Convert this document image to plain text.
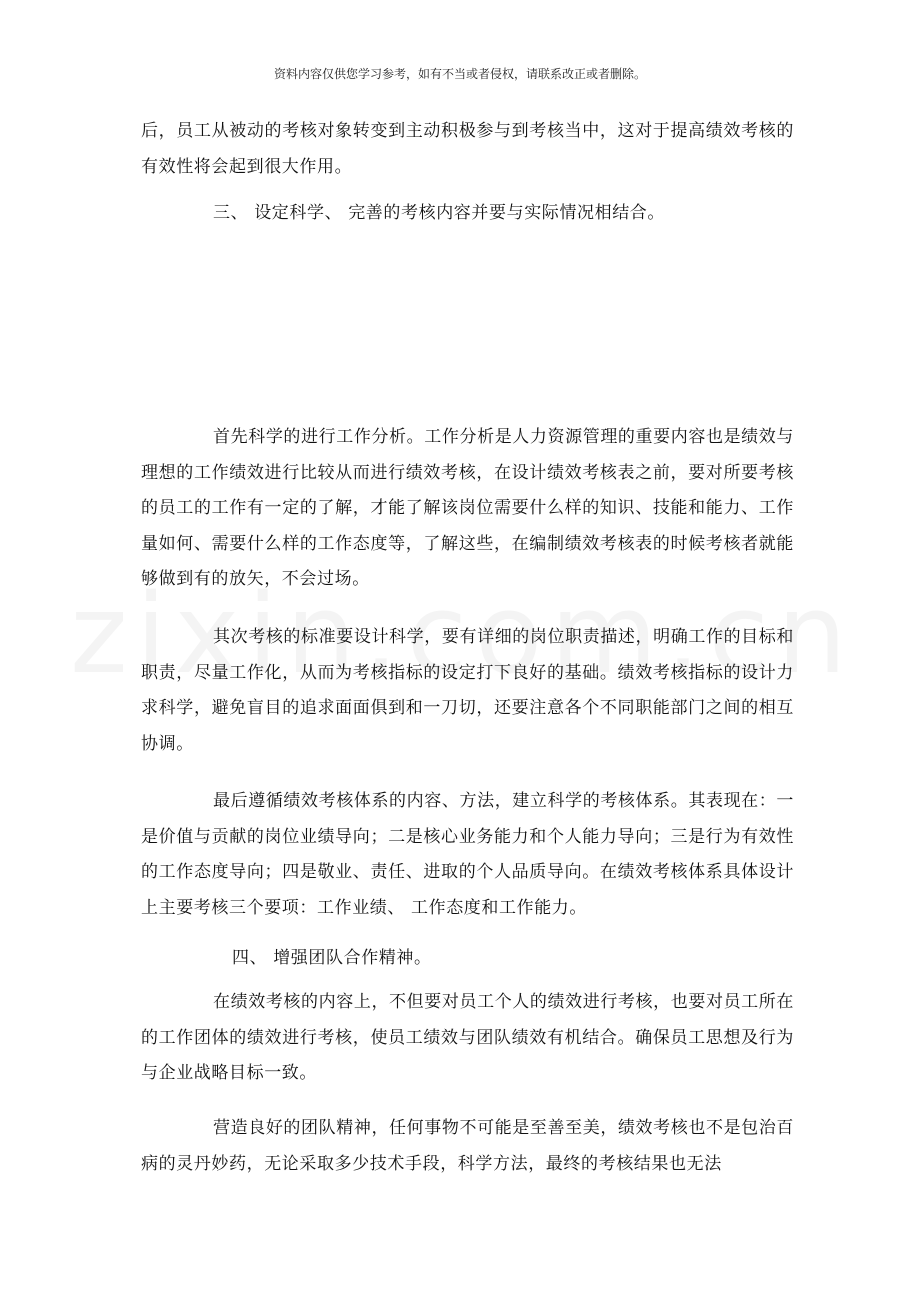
资料内容仅供您学习参考，如有不当或者侵权，请联系改正或者删除。

后，员工从被动的考核对象转变到主动积极参与到考核当中，这对于提高绩效考核的有效性将会起到很大作用。

三、 设定科学、 完善的考核内容并要与实际情况相结合。

首先科学的进行工作分析。工作分析是人力资源管理的重要内容也是绩效与理想的工作绩效进行比较从而进行绩效考核，在设计绩效考核表之前，要对所要考核的员工的工作有一定的了解，才能了解该岗位需要什么样的知识、技能和能力、工作量如何、需要什么样的工作态度等，了解这些，在编制绩效考核表的时候考核者就能够做到有的放矢，不会过场。

其次考核的标准要设计科学，要有详细的岗位职责描述，明确工作的目标和职责，尽量工作化，从而为考核指标的设定打下良好的基础。绩效考核指标的设计力求科学，避免盲目的追求面面俱到和一刀切，还要注意各个不同职能部门之间的相互协调。

最后遵循绩效考核体系的内容、方法，建立科学的考核体系。其表现在：一是价值与贡献的岗位业绩导向；二是核心业务能力和个人能力导向；三是行为有效性的工作态度导向；四是敬业、责任、进取的个人品质导向。在绩效考核体系具体设计上主要考核三个要项：工作业绩、 工作态度和工作能力。

四、 增强团队合作精神。

在绩效考核的内容上，不但要对员工个人的绩效进行考核，也要对员工所在的工作团体的绩效进行考核，使员工绩效与团队绩效有机结合。确保员工思想及行为与企业战略目标一致。

营造良好的团队精神，任何事物不可能是至善至美，绩效考核也不是包治百病的灵丹妙药，无论采取多少技术手段，科学方法，最终的考核结果也无法
